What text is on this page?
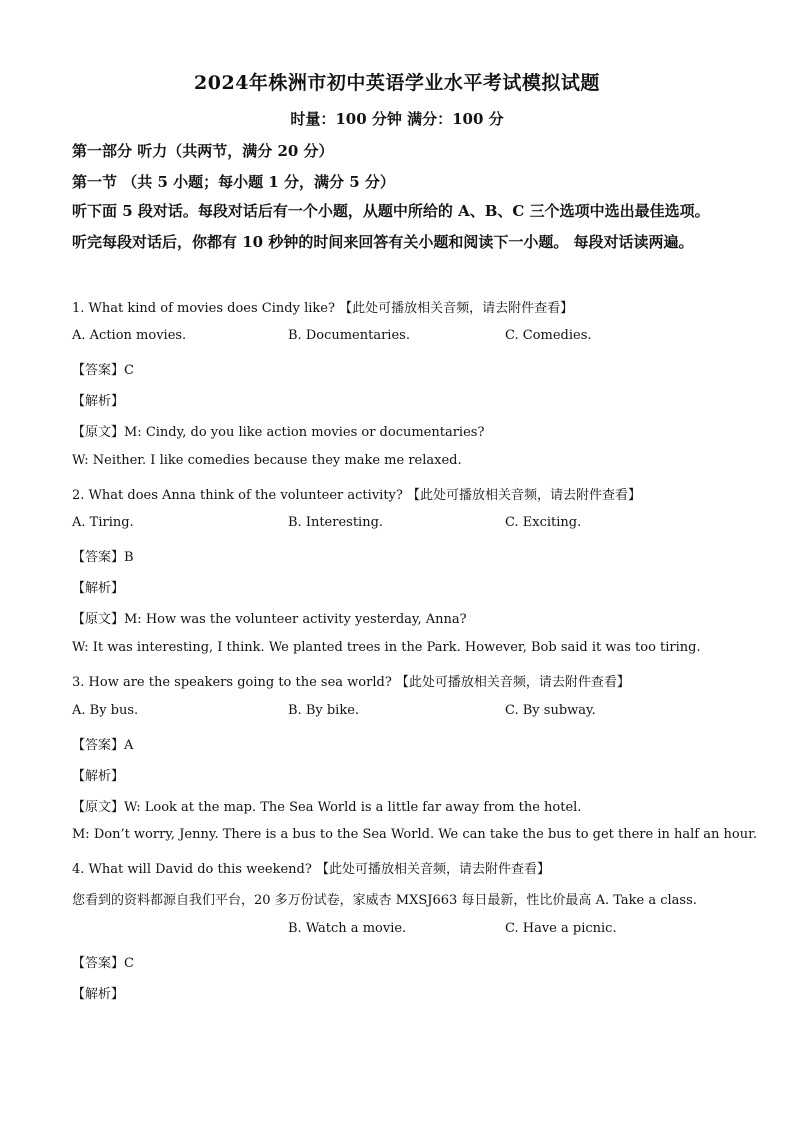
2024年株洲市初中英语学业水平考试模拟试题
时量：100 分钟 满分：100 分
第一部分 听力（共两节，满分 20 分）
第一节 （共 5 小题；每小题 1 分，满分 5 分）
听下面 5 段对话。每段对话后有一个小题，从题中所给的 A、B、C 三个选项中选出最佳选项。听完每段对话后，你都有 10 秒钟的时间来回答有关小题和阅读下一小题。 每段对话读两遍。
1. What kind of movies does Cindy like? 【此处可播放相关音频，请去附件查看】
A. Action movies.	B. Documentaries.	C. Comedies.
【答案】C
【解析】
【原文】M: Cindy, do you like action movies or documentaries?
W: Neither. I like comedies because they make me relaxed.
2. What does Anna think of the volunteer activity? 【此处可播放相关音频，请去附件查看】
A. Tiring.	B. Interesting.	C. Exciting.
【答案】B
【解析】
【原文】M: How was the volunteer activity yesterday, Anna?
W: It was interesting, I think. We planted trees in the Park. However, Bob said it was too tiring.
3. How are the speakers going to the sea world? 【此处可播放相关音频，请去附件查看】
A. By bus.	B. By bike.	C. By subway.
【答案】A
【解析】
【原文】W: Look at the map. The Sea World is a little far away from the hotel.
M: Don’t worry, Jenny. There is a bus to the Sea World. We can take the bus to get there in half an hour.
4. What will David do this weekend? 【此处可播放相关音频，请去附件查看】
您看到的资料都源自我们平台，20 多万份试卷，家威杏 MXSJ663 每日最新，性比价最高 A. Take a class.
B. Watch a movie.	C. Have a picnic.
【答案】C
【解析】
